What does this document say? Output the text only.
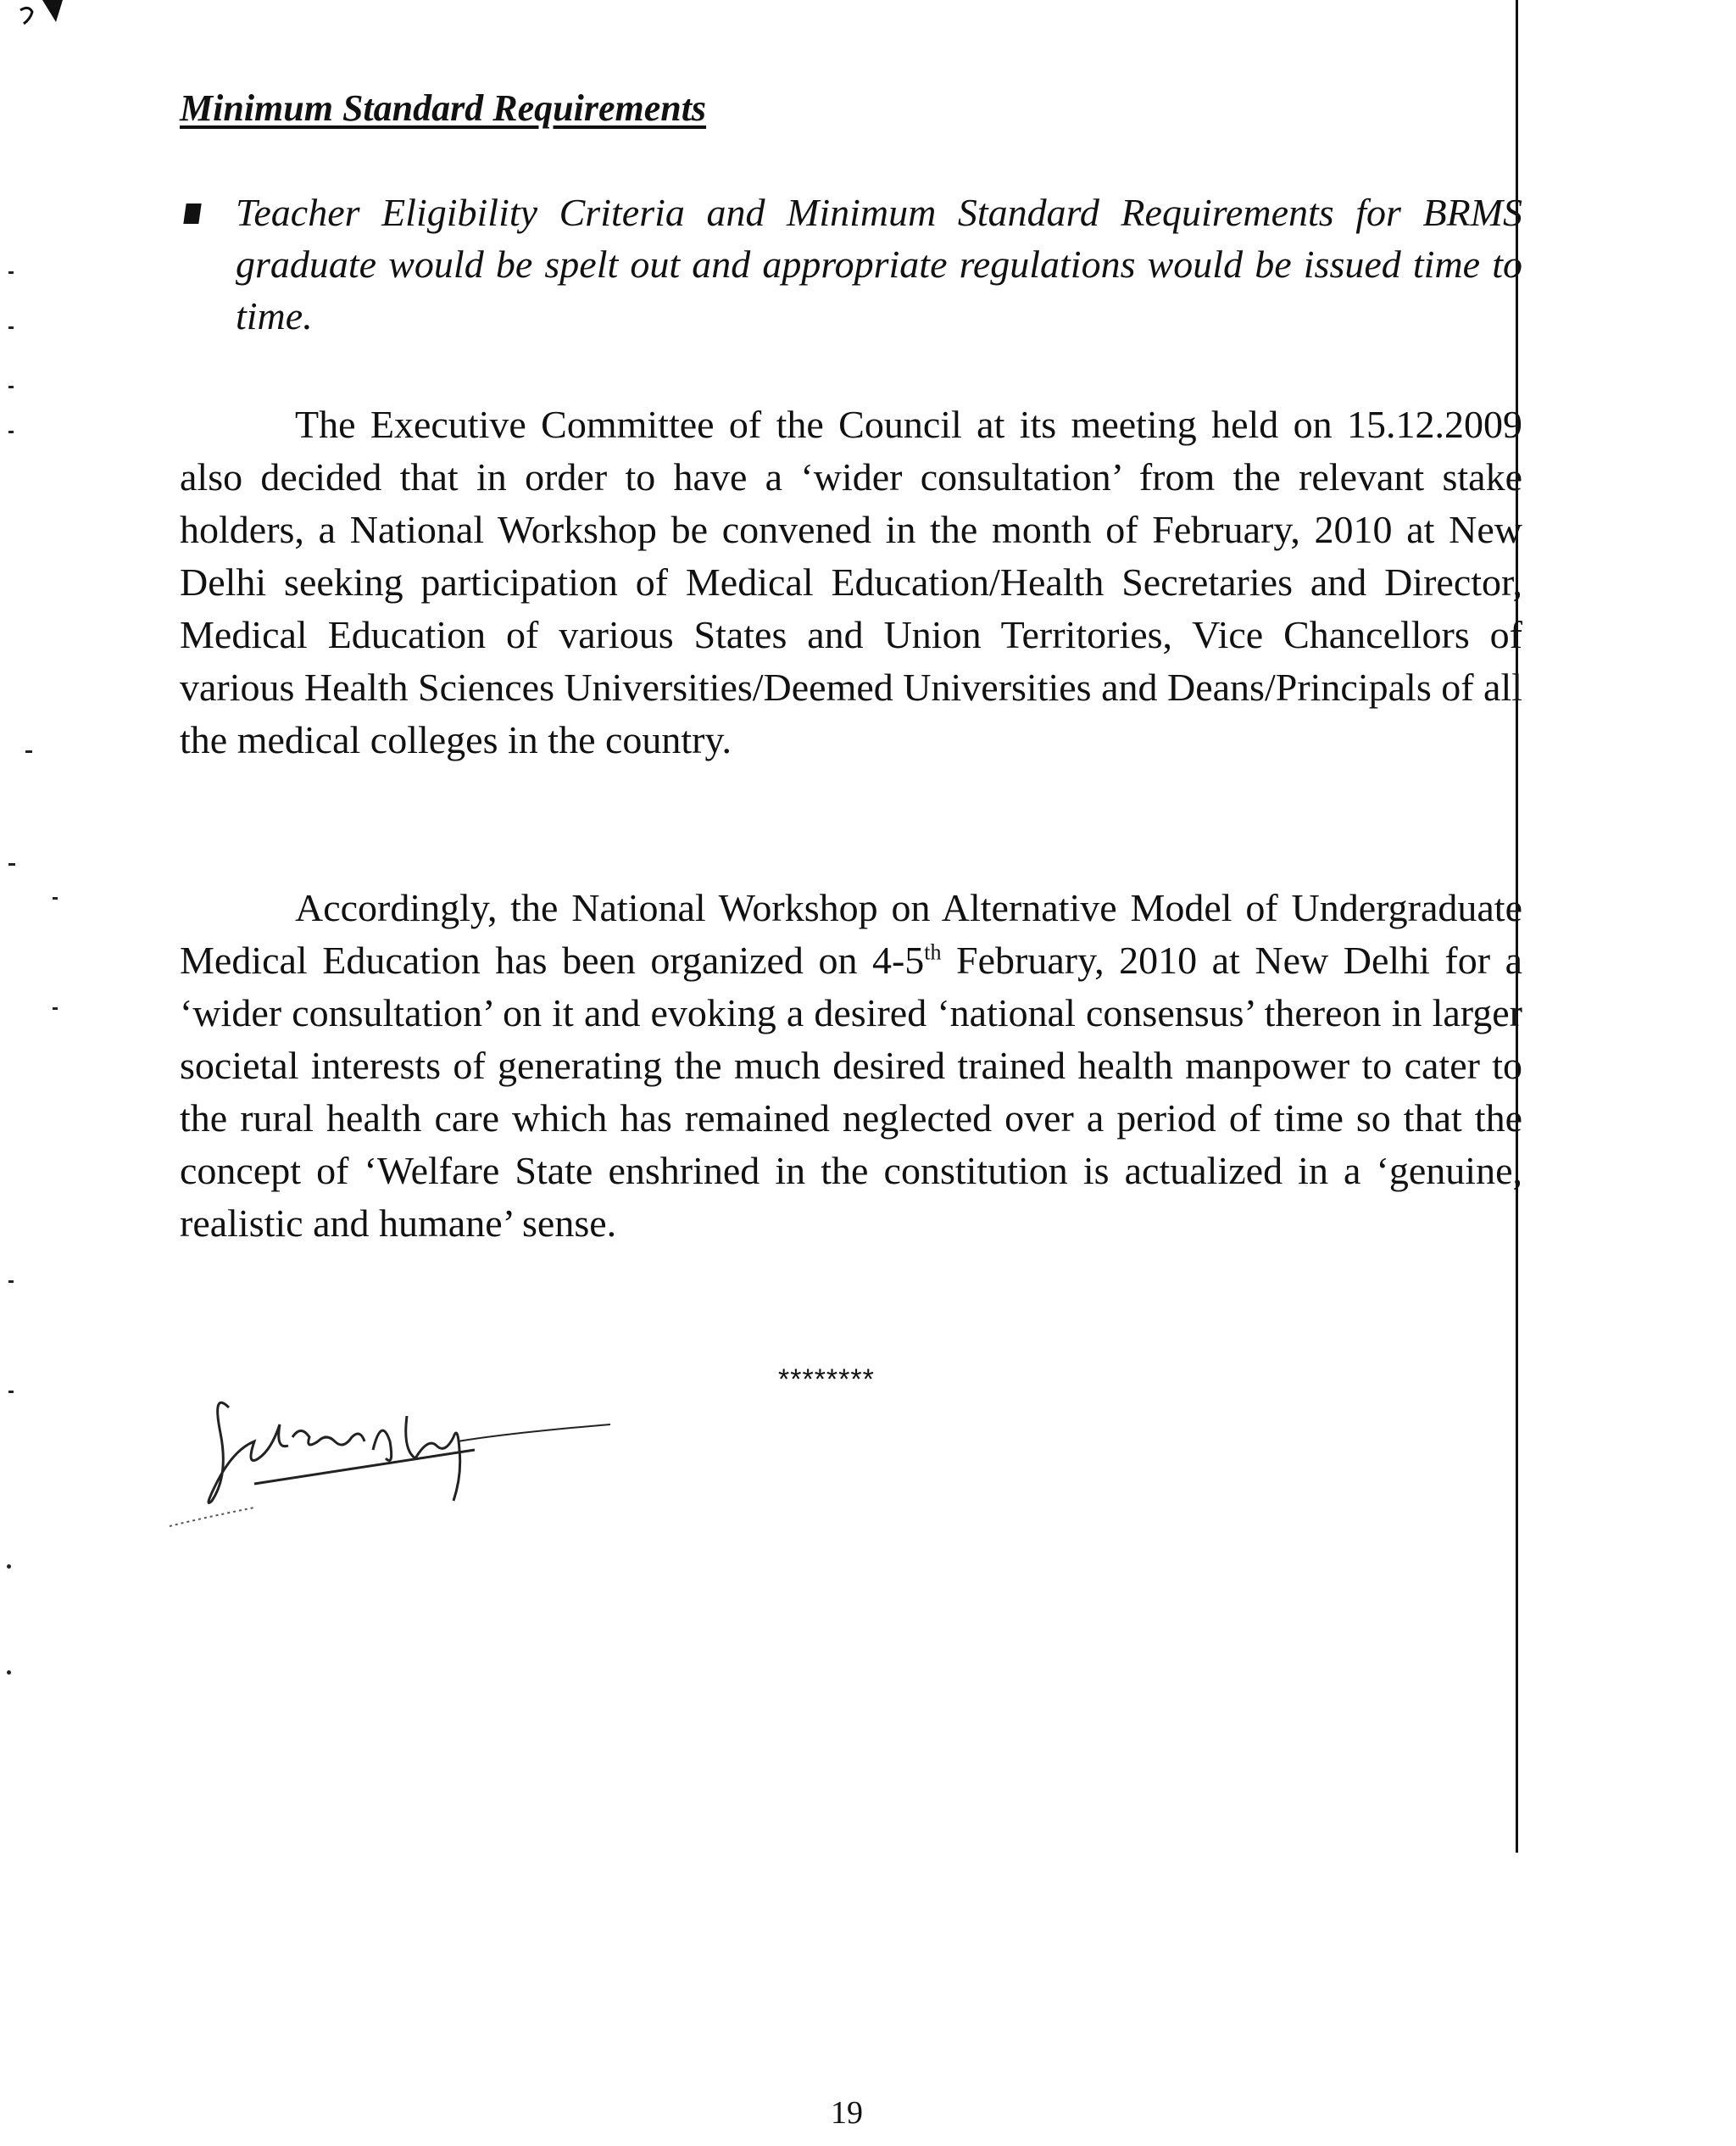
Minimum Standard Requirements

Teacher Eligibility Criteria and Minimum Standard Requirements for BRMS graduate would be spelt out and appropriate regulations would be issued time to time.

The Executive Committee of the Council at its meeting held on 15.12.2009 also decided that in order to have a ‘wider consultation’ from the relevant stake holders, a National Workshop be convened in the month of February, 2010 at New Delhi seeking participation of Medical Education/Health Secretaries and Director, Medical Education of various States and Union Territories, Vice Chancellors of various Health Sciences Universities/Deemed Universities and Deans/Principals of all the medical colleges in the country.

Accordingly, the National Workshop on Alternative Model of Undergraduate Medical Education has been organized on 4-5th February, 2010 at New Delhi for a ‘wider consultation’ on it and evoking a desired ‘national consensus’ thereon in larger societal interests of generating the much desired trained health manpower to cater to the rural health care which has remained neglected over a period of time so that the concept of ‘Welfare State enshrined in the constitution is actualized in a ‘genuine, realistic and humane’ sense.

********
19
